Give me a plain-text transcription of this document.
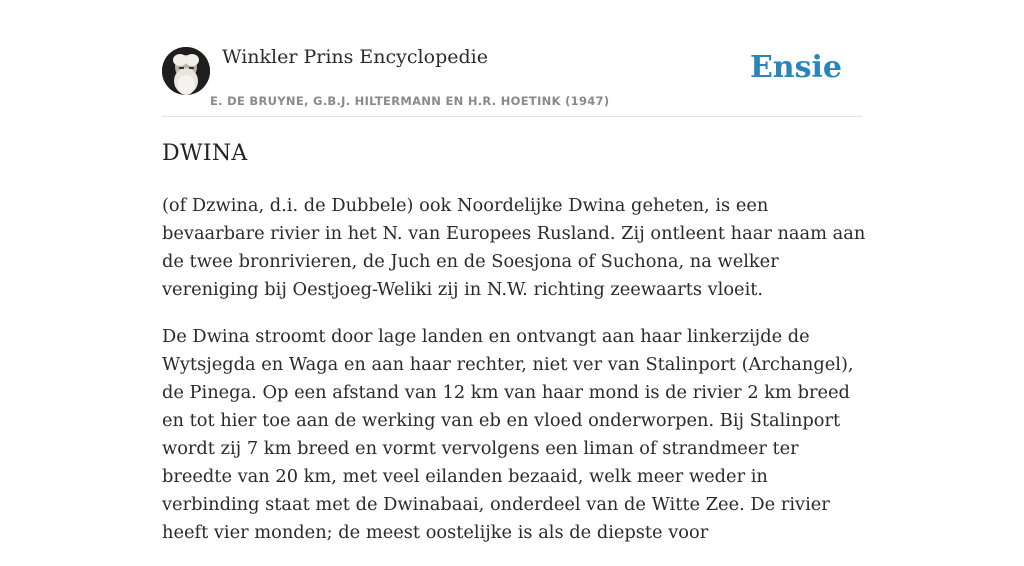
Winkler Prins Encyclopedie
E. DE BRUYNE, G.B.J. HILTERMANN EN H.R. HOETINK (1947)
Ensie
DWINA

(of Dzwina, d.i. de Dubbele) ook Noordelijke Dwina geheten, is een bevaarbare rivier in het N. van Europees Rusland. Zij ontleent haar naam aan de twee bronrivieren, de Juch en de Soesjona of Suchona, na welker vereniging bij Oestjoeg-Weliki zij in N.W. richting zeewaarts vloeit.

De Dwina stroomt door lage landen en ontvangt aan haar linkerzijde de Wytsjegda en Waga en aan haar rechter, niet ver van Stalinport (Archangel), de Pinega. Op een afstand van 12 km van haar mond is de rivier 2 km breed en tot hier toe aan de werking van eb en vloed onderworpen. Bij Stalinport wordt zij 7 km breed en vormt vervolgens een liman of strandmeer ter breedte van 20 km, met veel eilanden bezaaid, welk meer weder in verbinding staat met de Dwinabaai, onderdeel van de Witte Zee. De rivier heeft vier monden; de meest oostelijke is als de diepste voor
